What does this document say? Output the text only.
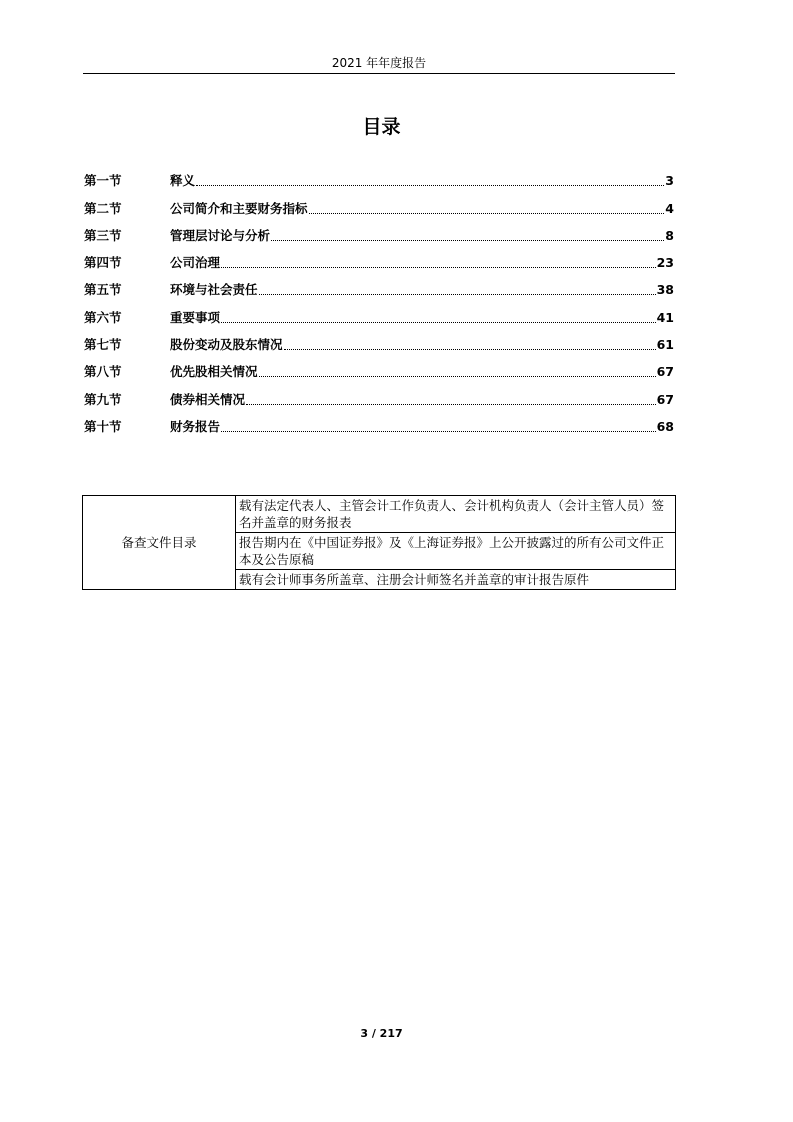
2021 年年度报告
目录
第一节	释义	3
第二节	公司简介和主要财务指标	4
第三节	管理层讨论与分析	8
第四节	公司治理	23
第五节	环境与社会责任	38
第六节	重要事项	41
第七节	股份变动及股东情况	61
第八节	优先股相关情况	67
第九节	债券相关情况	67
第十节	财务报告	68
备查文件目录	载有法定代表人、主管会计工作负责人、会计机构负责人（会计主管人员）签名并盖章的财务报表
报告期内在《中国证券报》及《上海证券报》上公开披露过的所有公司文件正本及公告原稿
载有会计师事务所盖章、注册会计师签名并盖章的审计报告原件
3 / 217
